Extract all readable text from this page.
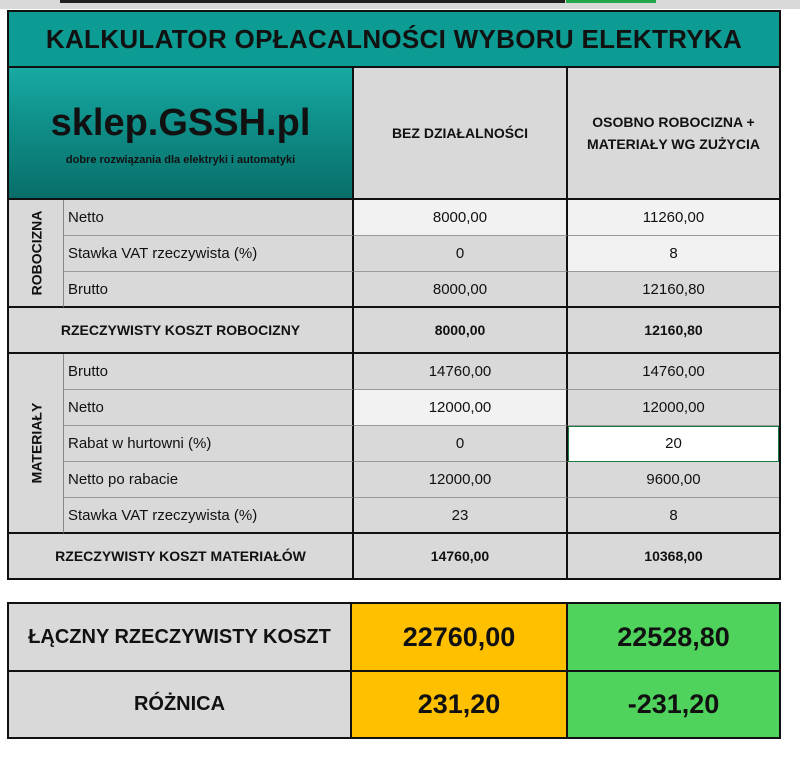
KALKULATOR OPŁACALNOŚCI WYBORU ELEKTRYKA
sklep.GSSH.pl
dobre rozwiązania dla elektryki i automatyki
BEZ DZIAŁALNOŚCI
OSOBNO ROBOCIZNA +
MATERIAŁY WG ZUŻYCIA
ROBOCIZNA Netto	8000,00	11260,00
Stawka VAT rzeczywista (%)	0	8
Brutto	8000,00	12160,80
RZECZYWISTY KOSZT ROBOCIZNY	8000,00	12160,80
MATERIAŁY
Brutto	14760,00	14760,00
Netto	12000,00	12000,00
Rabat w hurtowni (%)	0	20
Netto po rabacie	12000,00	9600,00
Stawka VAT rzeczywista (%)	23	8
RZECZYWISTY KOSZT MATERIAŁÓW	14760,00	10368,00
ŁĄCZNY RZECZYWISTY KOSZT	22760,00	22528,80
RÓŻNICA	231,20	-231,20
